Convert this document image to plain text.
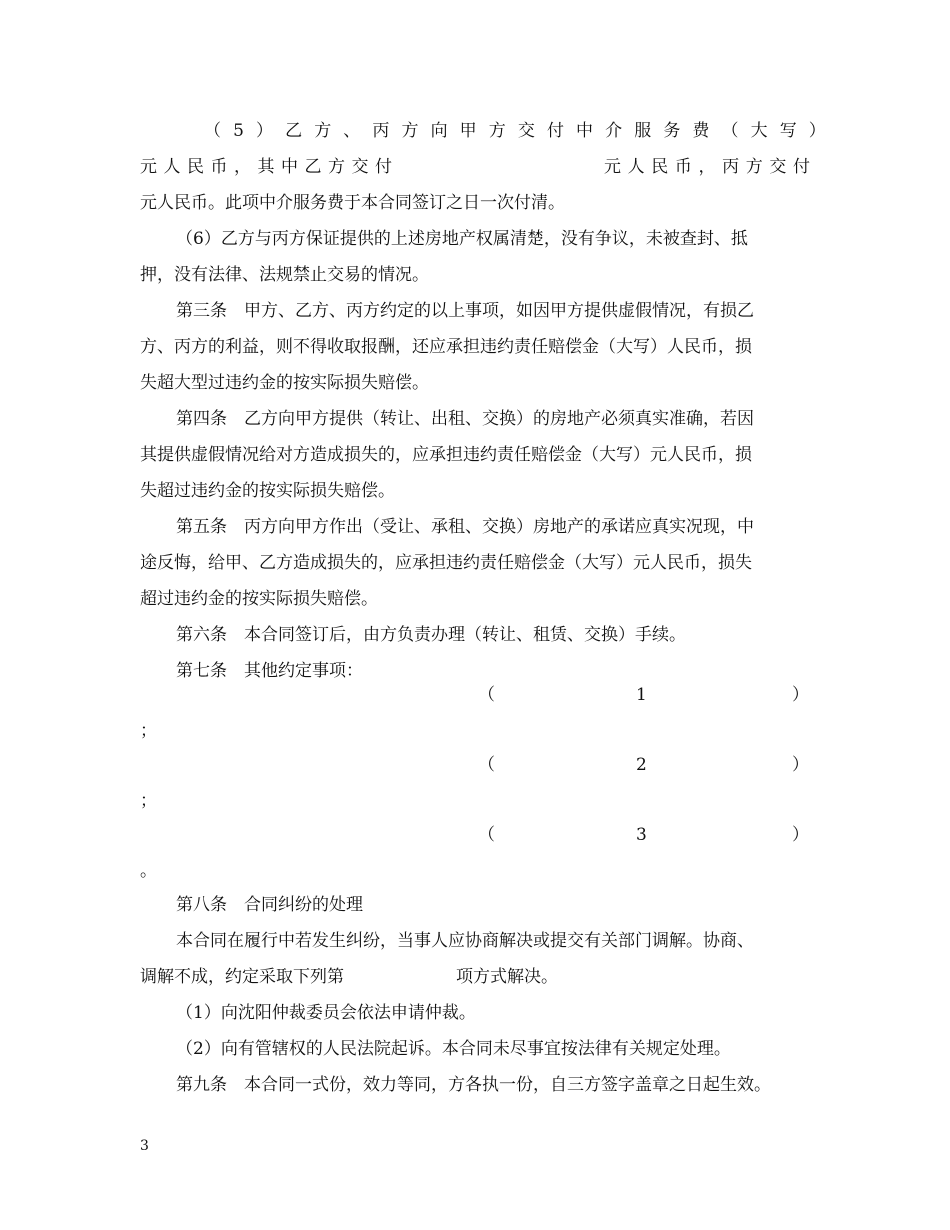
（ 5 ） 乙 方 、 丙 方 向 甲 方 交 付 中 介 服 务 费 （ 大 写 ）
元 人 民 币 ， 其 中 乙 方 交 付	元 人 民 币 ， 丙 方 交 付
元人民币。此项中介服务费于本合同签订之日一次付清。
（6）乙方与丙方保证提供的上述房地产权属清楚，没有争议，未被查封、抵
押，没有法律、法规禁止交易的情况。
第三条　甲方、乙方、丙方约定的以上事项，如因甲方提供虚假情况，有损乙
方、丙方的利益，则不得收取报酬，还应承担违约责任赔偿金（大写）人民币，损
失超大型过违约金的按实际损失赔偿。
第四条　乙方向甲方提供（转让、出租、交换）的房地产必须真实准确，若因
其提供虚假情况给对方造成损失的，应承担违约责任赔偿金（大写）元人民币，损
失超过违约金的按实际损失赔偿。
第五条　丙方向甲方作出（受让、承租、交换）房地产的承诺应真实况现，中
途反悔，给甲、乙方造成损失的，应承担违约责任赔偿金（大写）元人民币，损失
超过违约金的按实际损失赔偿。
第六条　本合同签订后，由方负责办理（转让、租赁、交换）手续。
第七条　其他约定事项：
（	1	）
；
（	2	）
；
（	3	）
。
第八条　合同纠纷的处理
本合同在履行中若发生纠纷，当事人应协商解决或提交有关部门调解。协商、
调解不成，约定采取下列第	项方式解决。
（1）向沈阳仲裁委员会依法申请仲裁。
（2）向有管辖权的人民法院起诉。本合同未尽事宜按法律有关规定处理。
第九条　本合同一式份，效力等同，方各执一份，自三方签字盖章之日起生效。
3
